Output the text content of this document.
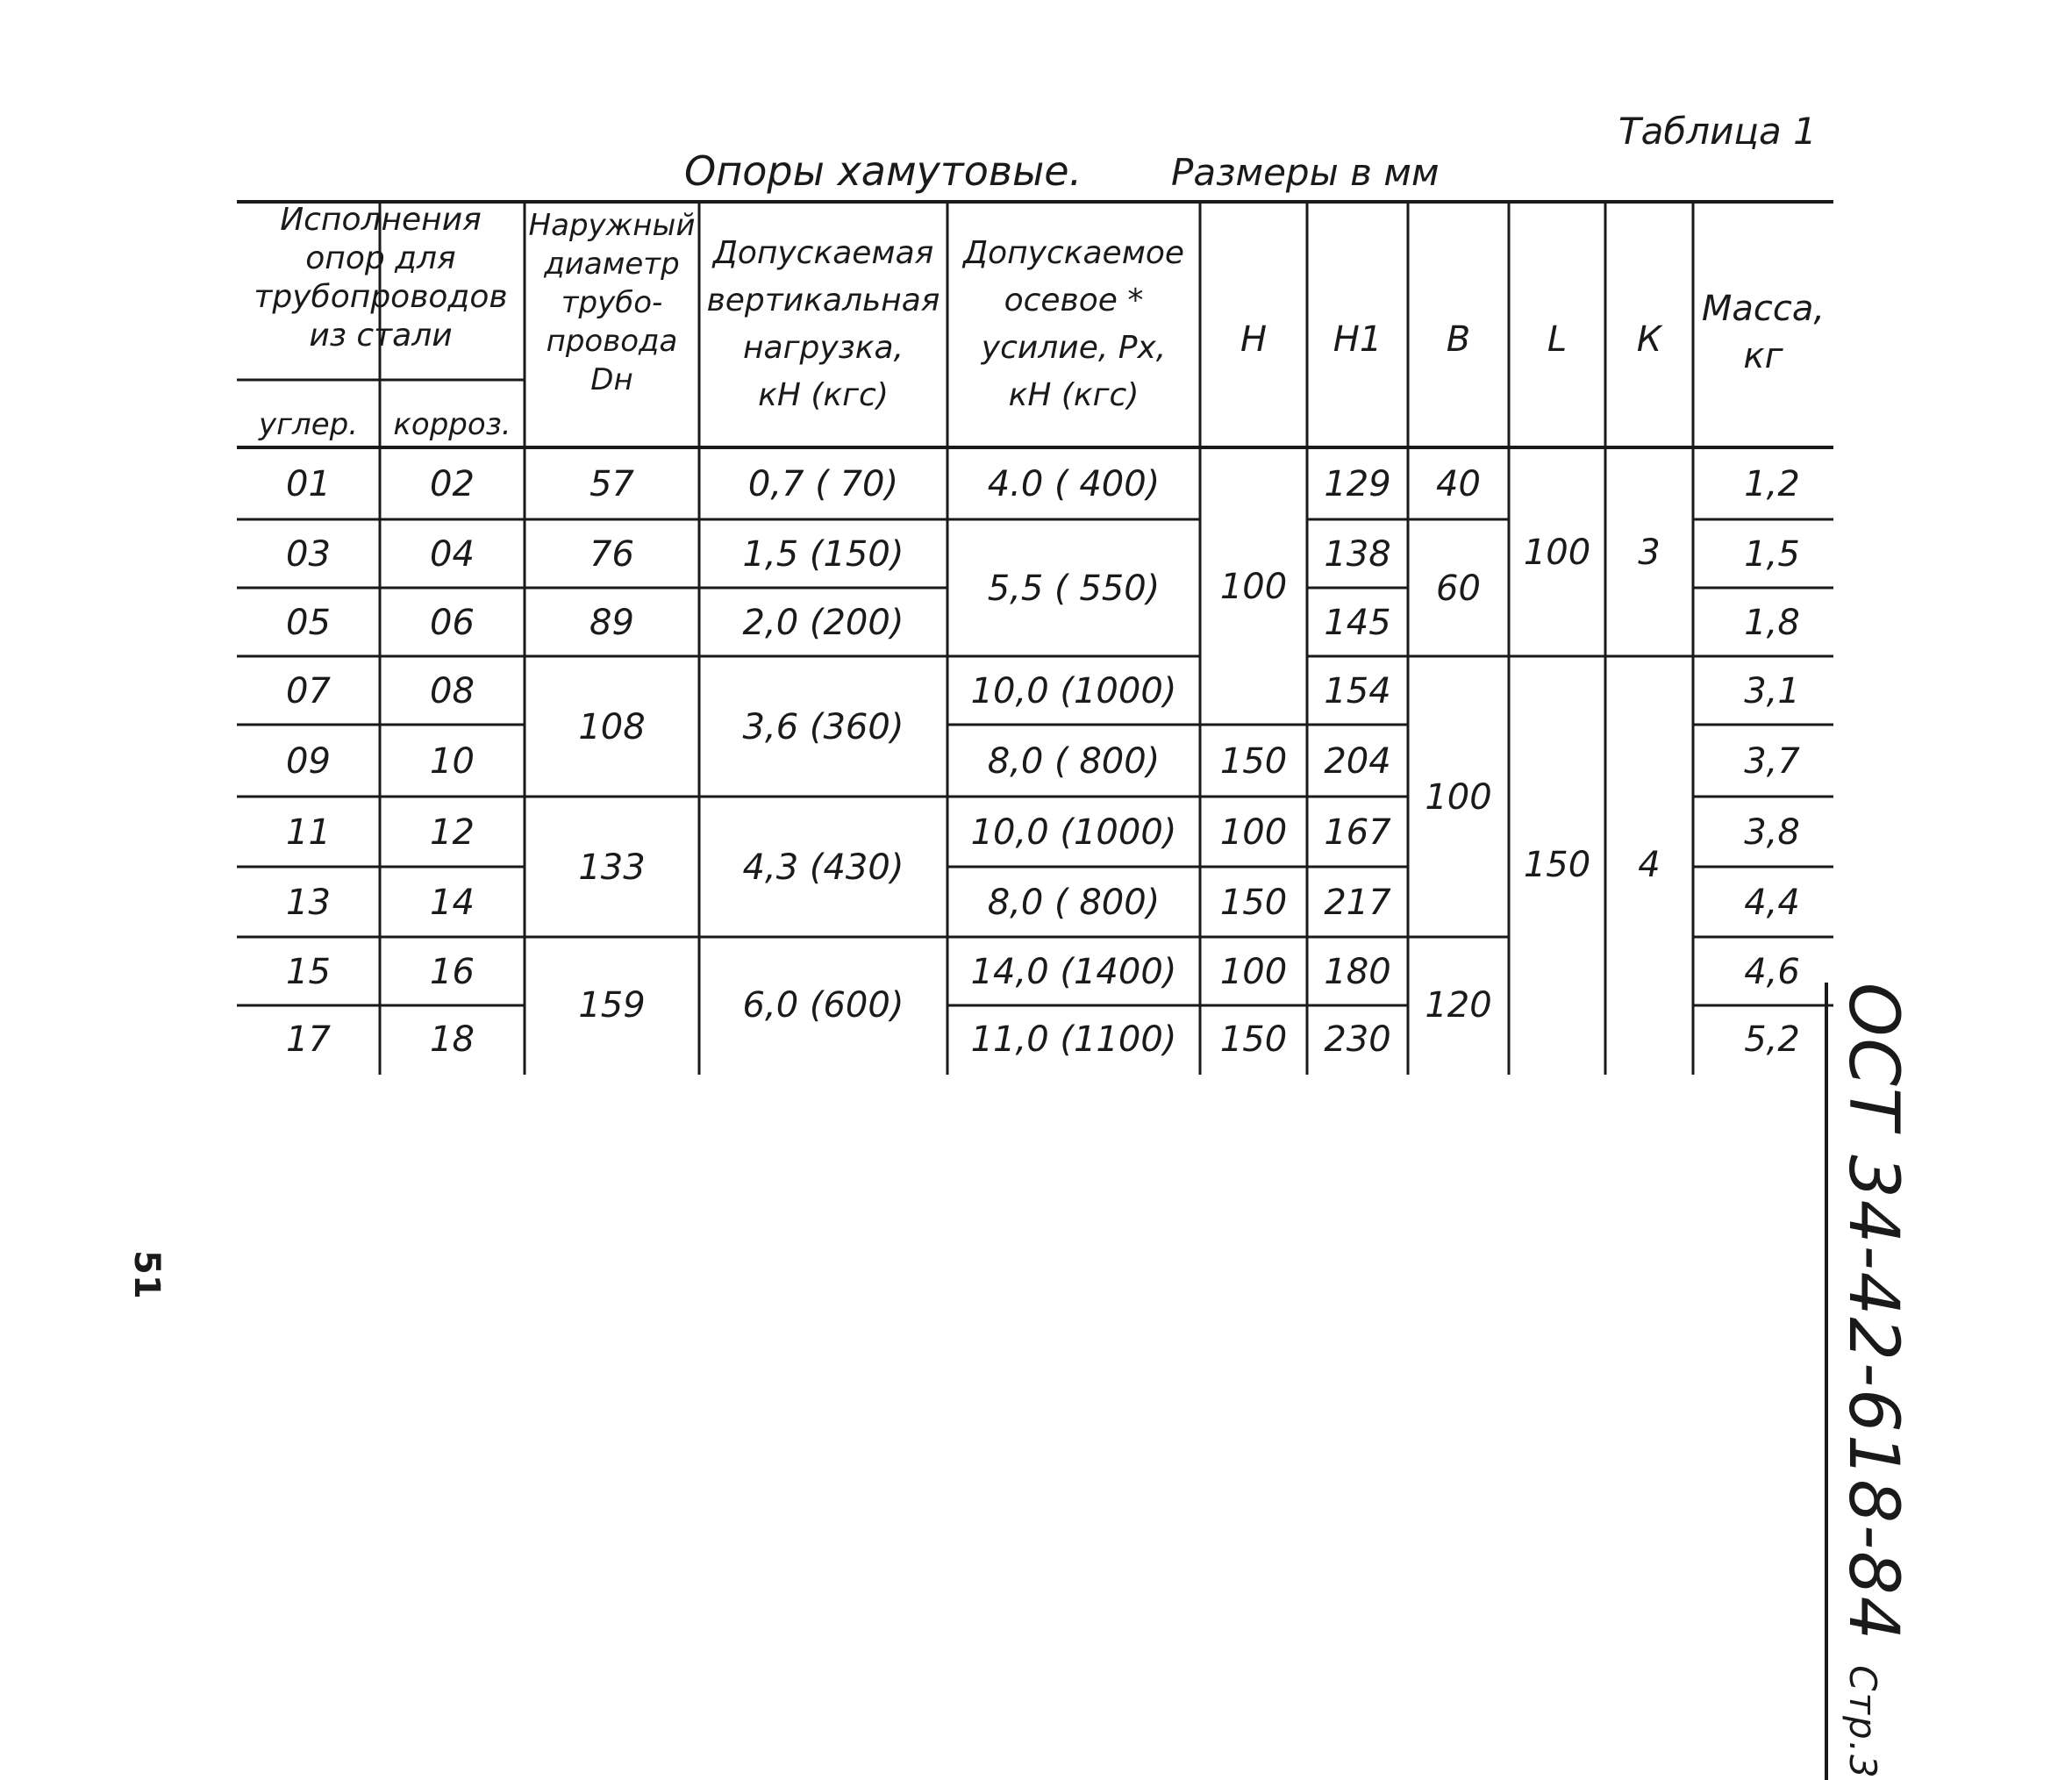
Таблица 1
Опоры хамутовые. Размеры в мм
Исполнения
опор для
трубопроводов
из стали
углер. корроз.
Наружный
диаметр
трубо-
провода
Dн
Допускаемая
вертикальная
нагрузка,
кН (кгс)
Допускаемое
осевое *
усилие, Pх,
кН (кгс)
Н Н1 В L К
Масса,
кг
01
03
05
07
09
11
13
15
17
02
04
06
08
10
12
14
16
18
57
76
89
108
133
159
0,7 ( 70)
1,5 (150)
2,0 (200)
3,6 (360)
4,3 (430)
6,0 (600)
4.0 ( 400)
5,5 ( 550)
10,0 (1000)
8,0 ( 800)
10,0 (1000)
8,0 ( 800)
14,0 (1400)
11,0 (1100)
100
150
100
150
100
150
129
138
145
154
204
167
217
180
230
40
60
100
120
100
150
3
4
1,2
1,5
1,8
3,1
3,7
3,8
4,4
4,6
5,2 ОСТ 34-42-618-84 Стр.3
51
